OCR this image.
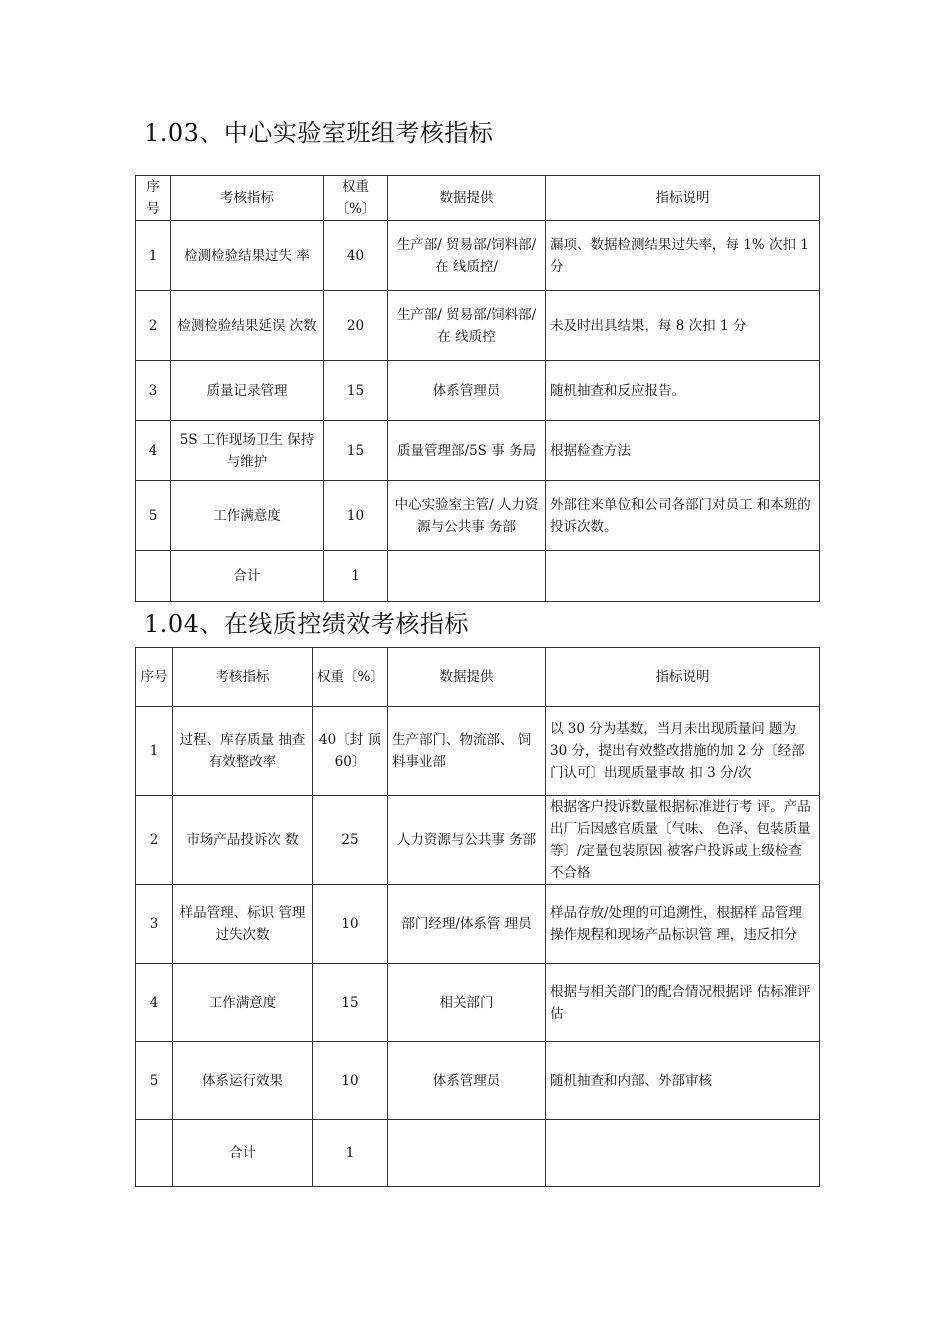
1.03、中心实验室班组考核指标
序号	考核指标	权重〔%〕	数据提供	指标说明
1	检测检验结果过失 率	40	生产部/ 贸易部/饲料部/在 线质控/	漏项、数据检测结果过失率，每 1% 次扣 1 分
2	检测检验结果延误 次数	20	生产部/ 贸易部/饲料部/在 线质控	未及时出具结果，每 8 次扣 1 分
3	质量记录管理	15	体系管理员	随机抽查和反应报告。
4	5S 工作现场卫生 保持与维护	15	质量管理部/5S 事 务局	根据检查方法
5	工作满意度	10	中心实验室主管/ 人力资源与公共事 务部	外部往来单位和公司各部门对员工 和本班的投诉次数。
	合计	1		
1.04、在线质控绩效考核指标
序号	考核指标	权重〔%〕	数据提供	指标说明
1	过程、库存质量 抽查有效整改率	40〔封 顶 60〕	生产部门、物流部、 饲料事业部	以 30 分为基数，当月未出现质量问 题为 30 分，提出有效整改措施的加 2 分〔经部门认可〕出现质量事故 扣 3 分/次
2	市场产品投诉次 数	25	人力资源与公共事 务部	根据客户投诉数量根据标准进行考 评。产品出厂后因感官质量〔气味、 色泽、包装质量等〕/定量包装原因 被客户投诉或上级检查不合格
3	样品管理、标识 管理过失次数	10	部门经理/体系管 理员	样品存放/处理的可追溯性，根据样 品管理操作规程和现场产品标识管 理，违反扣分
4	工作满意度	15	相关部门	根据与相关部门的配合情况根据评 估标准评估
5	体系运行效果	10	体系管理员	随机抽查和内部、外部审核
	合计	1		
